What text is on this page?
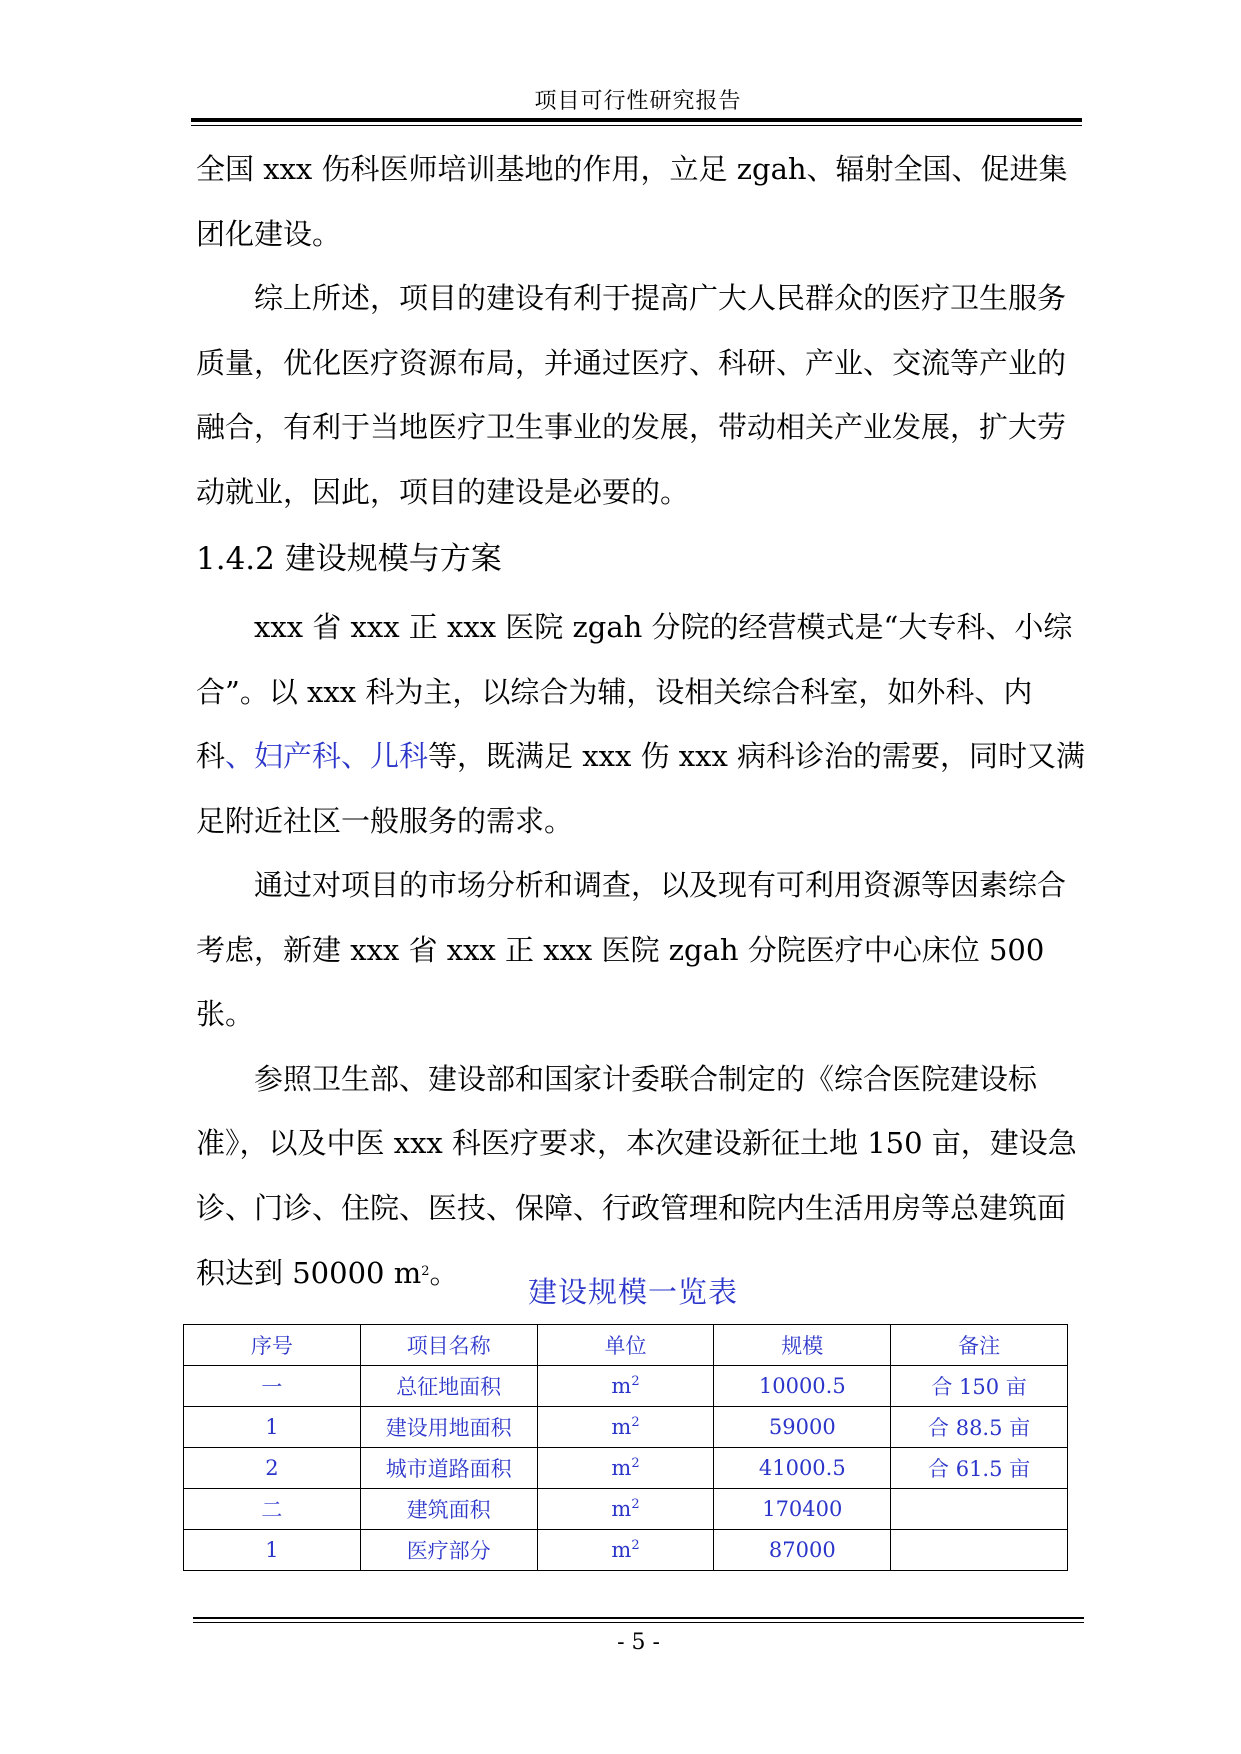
项目可行性研究报告

全国 xxx 伤科医师培训基地的作用，立足 zgah、辐射全国、促进集团化建设。

综上所述，项目的建设有利于提高广大人民群众的医疗卫生服务质量，优化医疗资源布局，并通过医疗、科研、产业、交流等产业的融合，有利于当地医疗卫生事业的发展，带动相关产业发展，扩大劳动就业，因此，项目的建设是必要的。

1.4.2 建设规模与方案

xxx 省 xxx 正 xxx 医院 zgah 分院的经营模式是“大专科、小综合”。以 xxx 科为主，以综合为辅，设相关综合科室，如外科、内科、妇产科、儿科等，既满足 xxx 伤 xxx 病科诊治的需要，同时又满足附近社区一般服务的需求。

通过对项目的市场分析和调查，以及现有可利用资源等因素综合考虑，新建 xxx 省 xxx 正 xxx 医院 zgah 分院医疗中心床位 500 张。

参照卫生部、建设部和国家计委联合制定的《综合医院建设标准》，以及中医 xxx 科医疗要求，本次建设新征土地 150 亩，建设急诊、门诊、住院、医技、保障、行政管理和院内生活用房等总建筑面积达到 50000 $m^2$。

建设规模一览表
序号	项目名称	单位	规模	备注
一	总征地面积	$m^2$	10000.5	合 150 亩
1	建设用地面积	$m^2$	59000	合 88.5 亩
2	城市道路面积	$m^2$	41000.5	合 61.5 亩
二	建筑面积	$m^2$	170400	
1	医疗部分	$m^2$	87000	
- 5 -
